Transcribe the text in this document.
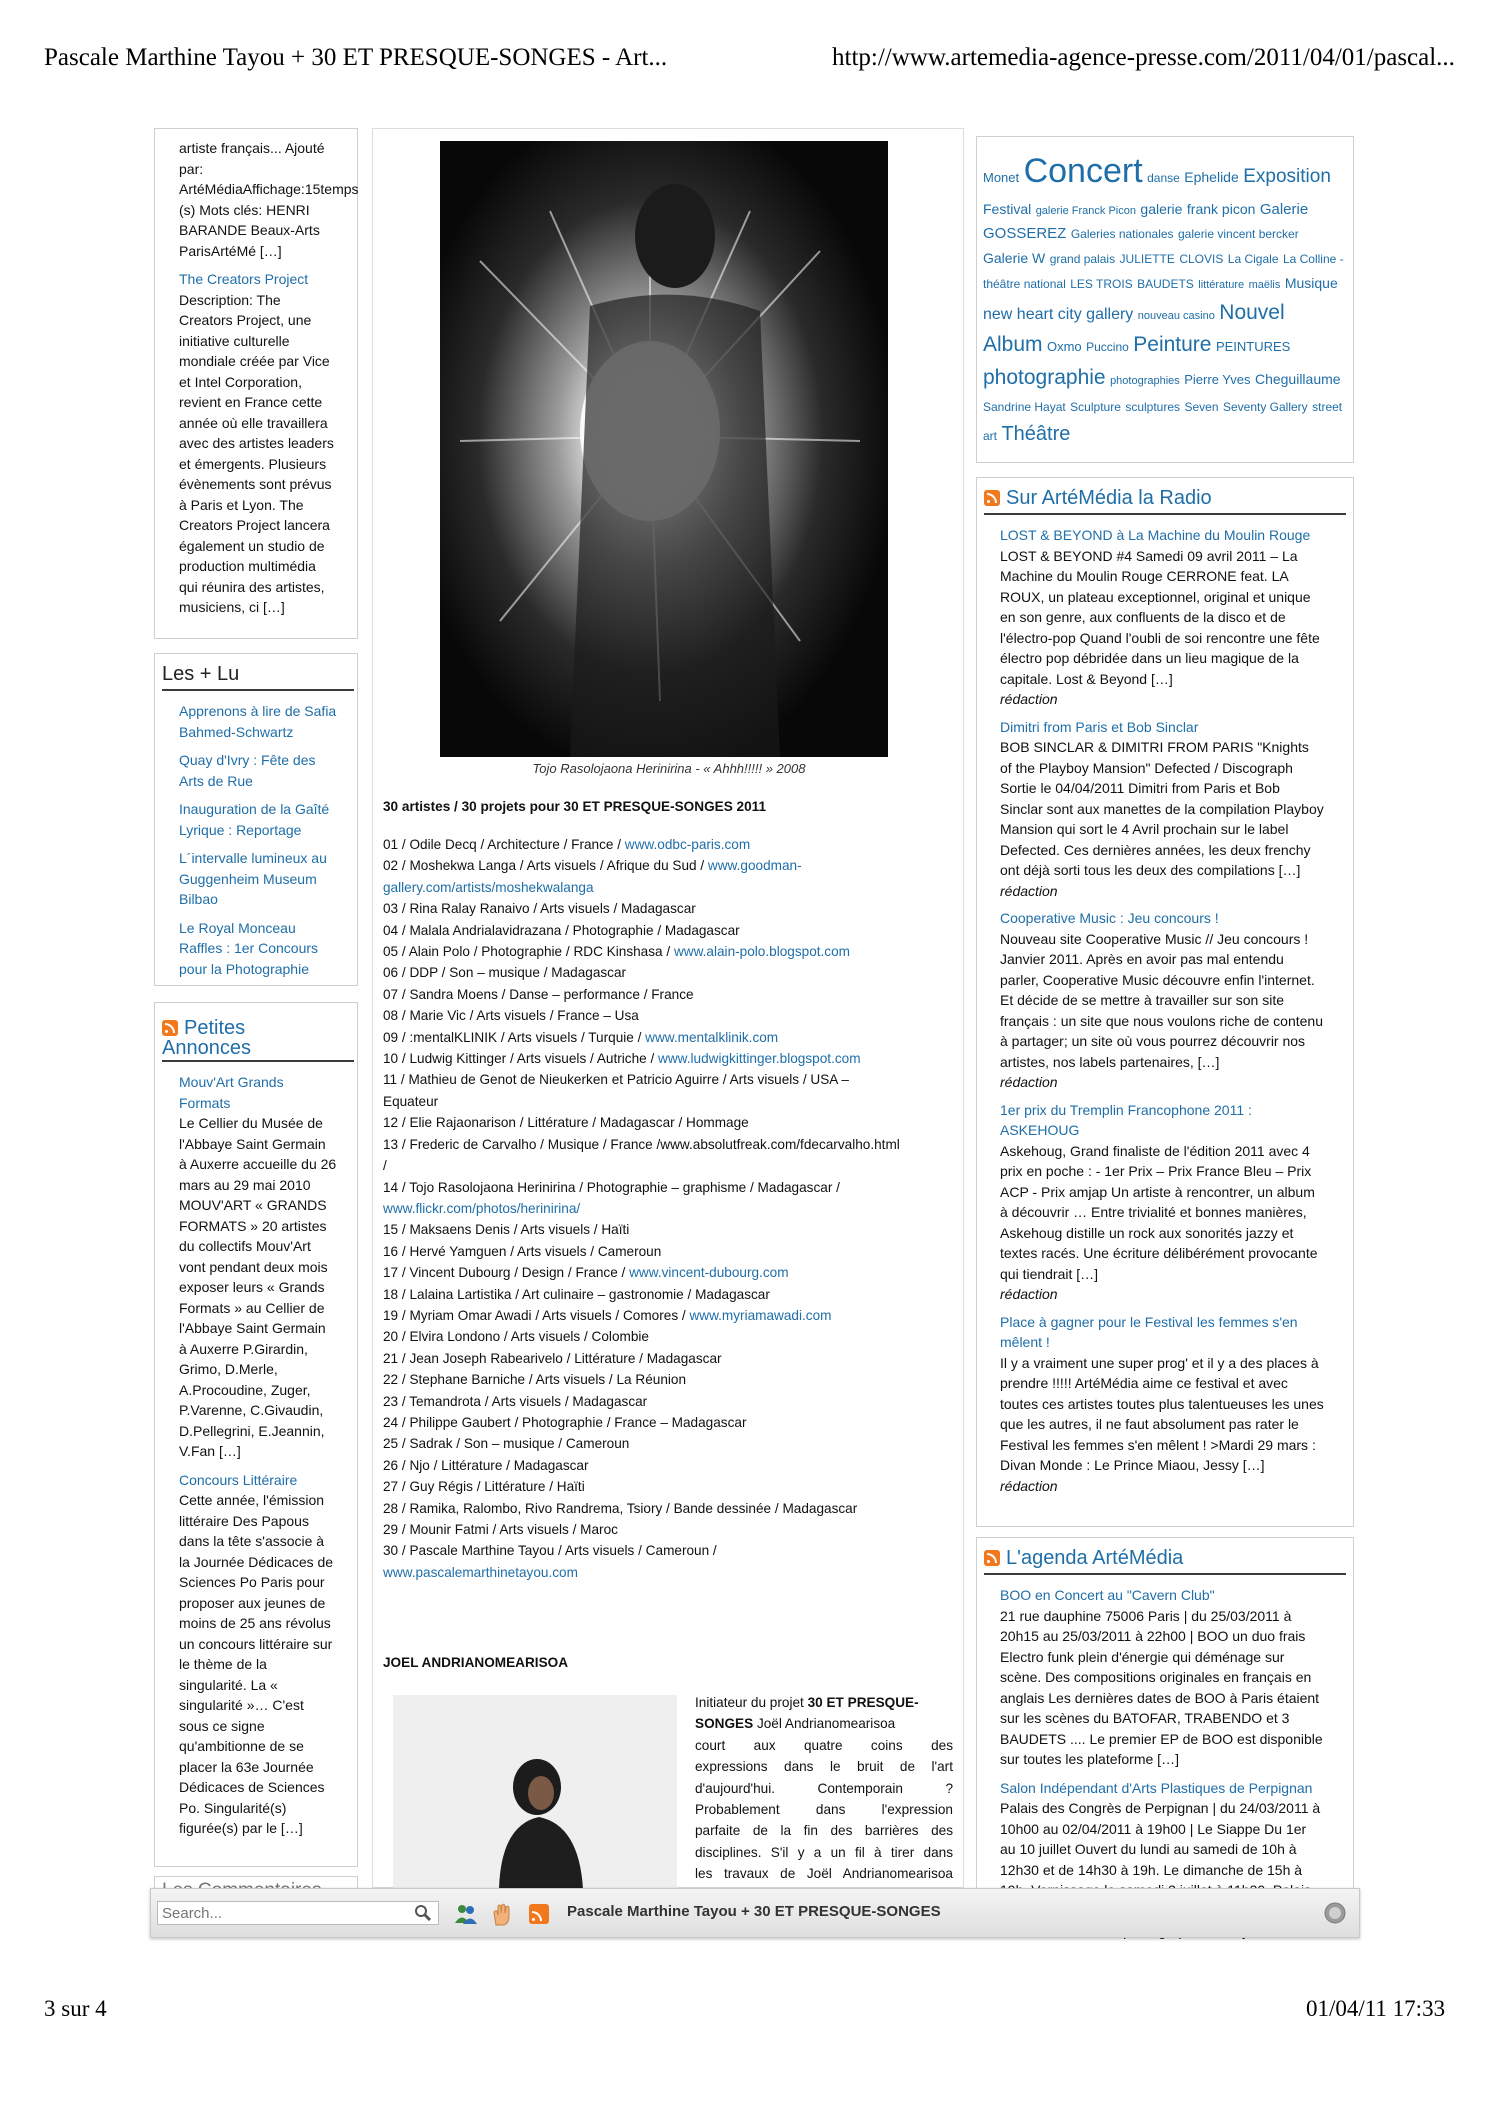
Pascale Marthine Tayou + 30 ET PRESQUE-SONGES - Art...	http://www.artemedia-agence-presse.com/2011/04/01/pascal...
3 sur 4	01/04/11 17:33
artiste français... Ajouté
par:
ArtéMédiaAffichage:15temps
(s) Mots clés: HENRI
BARANDE Beaux-Arts
ParisArtéMé […]
The Creators Project
Description: The
Creators Project, une
initiative culturelle
mondiale créée par Vice
et Intel Corporation,
revient en France cette
année où elle travaillera
avec des artistes leaders
et émergents. Plusieurs
évènements sont prévus
à Paris et Lyon. The
Creators Project lancera
également un studio de
production multimédia
qui réunira des artistes,
musiciens, ci […]
Les + Lu
Apprenons à lire de Safia
Bahmed-Schwartz
Quay d'Ivry : Fête des
Arts de Rue
Inauguration de la Gaîté
Lyrique : Reportage
L´intervalle lumineux au
Guggenheim Museum
Bilbao
Le Royal Monceau
Raffles : 1er Concours
pour la Photographie
Petites
Annonces
Mouv'Art Grands
Formats
Le Cellier du Musée de
l'Abbaye Saint Germain
à Auxerre accueille du 26
mars au 29 mai 2010
MOUV'ART « GRANDS
FORMATS » 20 artistes
du collectifs Mouv'Art
vont pendant deux mois
exposer leurs « Grands
Formats » au Cellier de
l'Abbaye Saint Germain
à Auxerre P.Girardin,
Grimo, D.Merle,
A.Procoudine, Zuger,
P.Varenne, C.Givaudin,
D.Pellegrini, E.Jeannin,
V.Fan […]
Concours Littéraire
Cette année, l'émission
littéraire Des Papous
dans la tête s'associe à
la Journée Dédicaces de
Sciences Po Paris pour
proposer aux jeunes de
moins de 25 ans révolus
un concours littéraire sur
le thème de la
singularité. La «
singularité »… C'est
sous ce signe
qu'ambitionne de se
placer la 63e Journée
Dédicaces de Sciences
Po. Singularité(s)
figurée(s) par le […]
Tojo Rasolojaona Herinirina - « Ahhh!!!!! » 2008
30 artistes / 30 projets pour 30 ET PRESQUE-SONGES 2011
01 / Odile Decq / Architecture / France / www.odbc-paris.com
02 / Moshekwa Langa / Arts visuels / Afrique du Sud / www.goodman-
gallery.com/artists/moshekwalanga
03 / Rina Ralay Ranaivo / Arts visuels / Madagascar
04 / Malala Andrialavidrazana / Photographie / Madagascar
05 / Alain Polo / Photographie / RDC Kinshasa / www.alain-polo.blogspot.com
06 / DDP / Son – musique / Madagascar
07 / Sandra Moens / Danse – performance / France
08 / Marie Vic / Arts visuels / France – Usa
09 / :mentalKLINIK / Arts visuels / Turquie / www.mentalklinik.com
10 / Ludwig Kittinger / Arts visuels / Autriche / www.ludwigkittinger.blogspot.com
11 / Mathieu de Genot de Nieukerken et Patricio Aguirre / Arts visuels / USA –
Equateur
12 / Elie Rajaonarison / Littérature / Madagascar / Hommage
13 / Frederic de Carvalho / Musique / France /www.absolutfreak.com/fdecarvalho.html
/
14 / Tojo Rasolojaona Herinirina / Photographie – graphisme / Madagascar /
www.flickr.com/photos/herinirina/
15 / Maksaens Denis / Arts visuels / Haïti
16 / Hervé Yamguen / Arts visuels / Cameroun
17 / Vincent Dubourg / Design / France / www.vincent-dubourg.com
18 / Lalaina Lartistika / Art culinaire – gastronomie / Madagascar
19 / Myriam Omar Awadi / Arts visuels / Comores / www.myriamawadi.com
20 / Elvira Londono / Arts visuels / Colombie
21 / Jean Joseph Rabearivelo / Littérature / Madagascar
22 / Stephane Barniche / Arts visuels / La Réunion
23 / Temandrota / Arts visuels / Madagascar
24 / Philippe Gaubert / Photographie / France – Madagascar
25 / Sadrak / Son – musique / Cameroun
26 / Njo / Littérature / Madagascar
27 / Guy Régis / Littérature / Haïti
28 / Ramika, Ralombo, Rivo Randrema, Tsiory / Bande dessinée / Madagascar
29 / Mounir Fatmi / Arts visuels / Maroc
30 / Pascale Marthine Tayou / Arts visuels / Cameroun /
www.pascalemarthinetayou.com
JOEL ANDRIANOMEARISOA
Initiateur du projet 30 ET PRESQUE-
SONGES Joël Andrianomearisoa
court aux quatre coins des
expressions dans le bruit de l'art
d'aujourd'hui. Contemporain ?
Probablement dans l'expression
parfaite de la fin des barrières des
disciplines. S'il y a un fil à tirer dans
les travaux de Joël Andrianomearisoa
Monet Concert danse Ephelide Exposition Festival galerie Franck Picon galerie frank picon Galerie GOSSEREZ Galeries nationales galerie vincent bercker Galerie W grand palais JULIETTE CLOVIS La Cigale La Colline - théâtre national LES TROIS BAUDETS littérature maëlis Musique new heart city gallery nouveau casino Nouvel Album Oxmo Puccino Peinture PEINTURES photographie photographies Pierre Yves Cheguillaume Sandrine Hayat Sculpture sculptures Seven Seventy Gallery street art Théâtre
Sur ArtéMédia la Radio
LOST & BEYOND à La Machine du Moulin Rouge
LOST & BEYOND #4 Samedi 09 avril 2011 – La
Machine du Moulin Rouge CERRONE feat. LA
ROUX, un plateau exceptionnel, original et unique
en son genre, aux confluents de la disco et de
l'électro-pop Quand l'oubli de soi rencontre une fête
électro pop débridée dans un lieu magique de la
capitale. Lost & Beyond […]
rédaction
Dimitri from Paris et Bob Sinclar
BOB SINCLAR & DIMITRI FROM PARIS "Knights
of the Playboy Mansion" Defected / Discograph
Sortie le 04/04/2011 Dimitri from Paris et Bob
Sinclar sont aux manettes de la compilation Playboy
Mansion qui sort le 4 Avril prochain sur le label
Defected. Ces dernières années, les deux frenchy
ont déjà sorti tous les deux des compilations […]
rédaction
Cooperative Music : Jeu concours !
Nouveau site Cooperative Music // Jeu concours !
Janvier 2011. Après en avoir pas mal entendu
parler, Cooperative Music découvre enfin l'internet.
Et décide de se mettre à travailler sur son site
français : un site que nous voulons riche de contenu
à partager; un site où vous pourrez découvrir nos
artistes, nos labels partenaires, […]
rédaction
1er prix du Tremplin Francophone 2011 :
ASKEHOUG
Askehoug, Grand finaliste de l'édition 2011 avec 4
prix en poche : - 1er Prix – Prix France Bleu – Prix
ACP - Prix amjap Un artiste à rencontrer, un album
à découvrir … Entre trivialité et bonnes manières,
Askehoug distille un rock aux sonorités jazzy et
textes racés. Une écriture délibérément provocante
qui tiendrait […]
rédaction
Place à gagner pour le Festival les femmes s'en
mêlent !
Il y a vraiment une super prog' et il y a des places à
prendre !!!!! ArtéMédia aime ce festival et avec
toutes ces artistes toutes plus talentueuses les unes
que les autres, il ne faut absolument pas rater le
Festival les femmes s'en mêlent ! >Mardi 29 mars :
Divan Monde : Le Prince Miaou, Jessy […]
rédaction
L'agenda ArtéMédia
BOO en Concert au "Cavern Club"
21 rue dauphine 75006 Paris | du 25/03/2011 à
20h15 au 25/03/2011 à 22h00 | BOO un duo frais
Electro funk plein d'énergie qui déménage sur
scène. Des compositions originales en français en
anglais Les dernières dates de BOO à Paris étaient
sur les scènes du BATOFAR, TRABENDO et 3
BAUDETS .... Le premier EP de BOO est disponible
sur toutes les plateforme […]
Salon Indépendant d'Arts Plastiques de Perpignan
Palais des Congrès de Perpignan | du 24/03/2011 à
10h00 au 02/04/2011 à 19h00 | Le Siappe Du 1er
au 10 juillet Ouvert du lundi au samedi de 10h à
12h30 et de 14h30 à 19h. Le dimanche de 15h à
Search...
Pascale Marthine Tayou + 30 ET PRESQUE-SONGES
